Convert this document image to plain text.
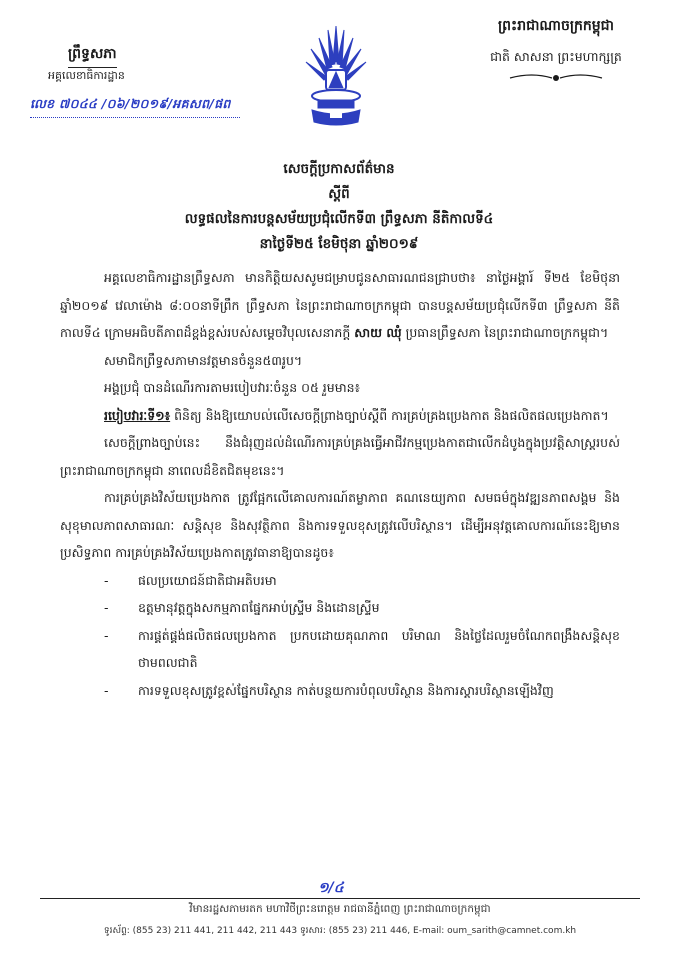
ព្រឹទ្ធសភា
អគ្គលេខាធិការដ្ឋាន
លេខ ៧០៤៤ /០៦/២០១៩/អគសព/ផព
ព្រះរាជាណាចក្រកម្ពុជា
ជាតិ សាសនា ព្រះមហាក្សត្រ
សេចក្ដីប្រកាសព័ត៌មាន
ស្ដីពី
លទ្ធផលនៃការបន្តសម័យប្រជុំលើកទី៣ ព្រឹទ្ធសភា នីតិកាលទី៤
នាថ្ងៃទី២៥ ខែមិថុនា ឆ្នាំ២០១៩

អគ្គលេខាធិការដ្ឋានព្រឹទ្ធសភា មានកិត្តិយសសូមជម្រាបជូនសាធារណជនជ្រាបថា៖ នាថ្ងៃអង្គារ៍ ទី២៥ ខែមិថុនា ឆ្នាំ២០១៩ វេលាម៉ោង ៨:០០នាទីព្រឹក ព្រឹទ្ធសភា នៃព្រះរាជាណាចក្រកម្ពុជា បានបន្តសម័យប្រជុំលើកទី៣ ព្រឹទ្ធសភា នីតិកាលទី៤ ក្រោមអធិបតីភាពដ៏ខ្ពង់ខ្ពស់របស់សម្ដេចវិបុលសេនាភក្ដី សាយ ឈុំ ប្រធានព្រឹទ្ធសភា នៃព្រះរាជាណាចក្រកម្ពុជា។

សមាជិកព្រឹទ្ធសភាមានវត្តមានចំនួន៥៣រូប។

អង្គប្រជុំ បានដំណើរការតាមរបៀបវារៈចំនួន ០៥ រួមមាន៖

របៀបវារៈទី១៖ ពិនិត្យ និងឱ្យយោបល់លើសេចក្ដីព្រាងច្បាប់ស្ដីពី ការគ្រប់គ្រងប្រេងកាត និងផលិតផលប្រេងកាត។

សេចក្ដីព្រាងច្បាប់នេះ នឹងជំរុញដល់ដំណើរការគ្រប់គ្រងធ្វើអាជីវកម្មប្រេងកាតជាលើកដំបូងក្នុងប្រវត្តិសាស្ត្ររបស់ព្រះរាជាណាចក្រកម្ពុជា នាពេលដ៏ខិតជិតមុខនេះ។

ការគ្រប់គ្រងវិស័យប្រេងកាត ត្រូវផ្អែកលើគោលការណ៍តម្លាភាព គណនេយ្យភាព សមធម៌ក្នុងវឌ្ឍនភាពសង្គម និងសុខុមាលភាពសាធារណៈ សន្តិសុខ និងសុវត្ថិភាព និងការទទួលខុសត្រូវលើបរិស្ថាន។ ដើម្បីអនុវត្តគោលការណ៍នេះឱ្យមានប្រសិទ្ធភាព ការគ្រប់គ្រងវិស័យប្រេងកាតត្រូវធានាឱ្យបានដូច៖

- ផលប្រយោជន៍ជាតិជាអតិបរមា
- ឧត្តមានុវត្តក្នុងសកម្មភាពផ្នែកអាប់ស្ទ្រីម និងដោនស្ទ្រីម
- ការផ្គត់ផ្គង់ផលិតផលប្រេងកាត ប្រកបដោយគុណភាព បរិមាណ និងថ្លៃដែលរួមចំណែកពង្រឹងសន្តិសុខថាមពលជាតិ
- ការទទួលខុសត្រូវខ្ពស់ផ្នែកបរិស្ថាន កាត់បន្ថយការបំពុលបរិស្ថាន និងការស្ដារបរិស្ថានឡើងវិញ
១/៤
វិមានរដ្ឋសភាមរតក មហាវិថីព្រះនរោត្តម រាជធានីភ្នំពេញ ព្រះរាជាណាចក្រកម្ពុជា
ទូរស័ព្ទ: (855 23) 211 441, 211 442, 211 443 ទូរសារ: (855 23) 211 446, E-mail: oum_sarith@camnet.com.kh
